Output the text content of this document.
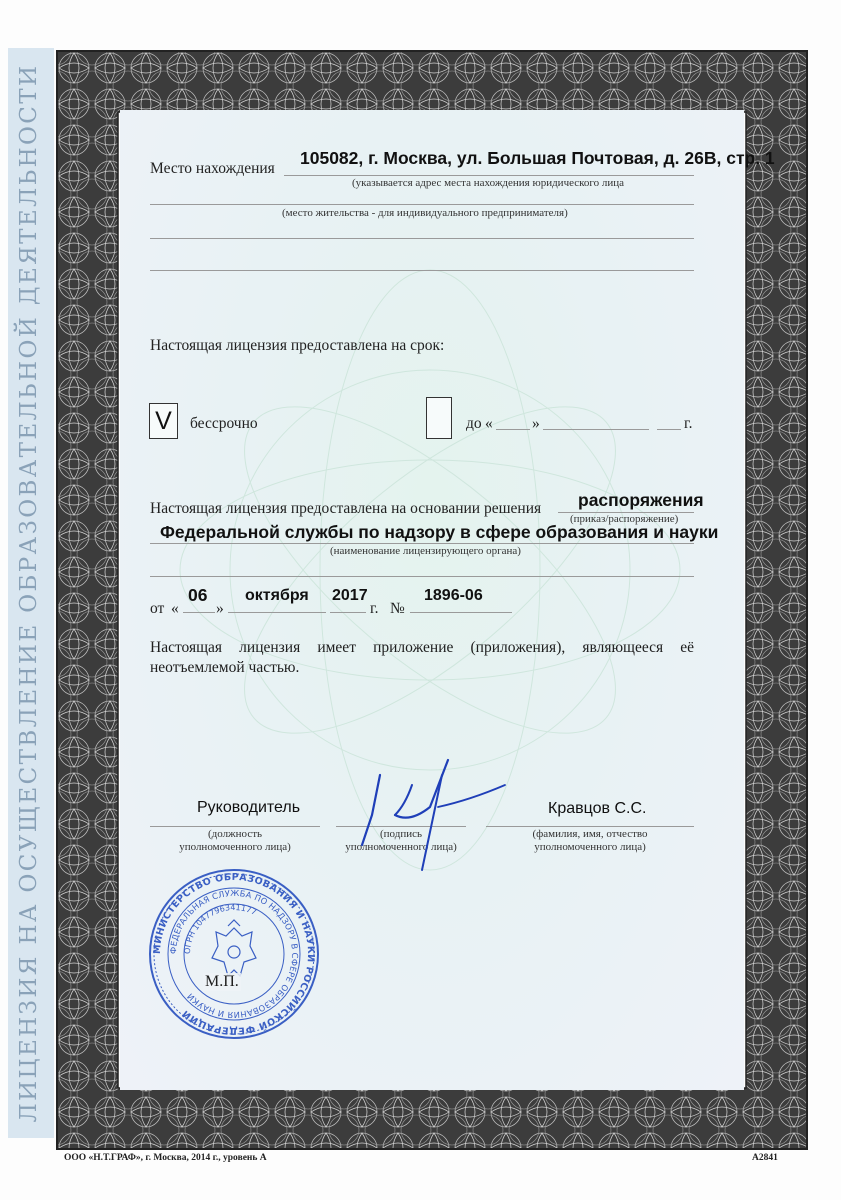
ЛИЦЕНЗИЯ НА ОСУЩЕСТВЛЕНИЕ ОБРАЗОВАТЕЛЬНОЙ ДЕЯТЕЛЬНОСТИ	Место нахождения
105082, г. Москва, ул. Большая Почтовая, д. 26В, стр. 1
(указывается адрес места нахождения юридического лица
(место жительства - для индивидуального предпринимателя)
Настоящая лицензия предоставлена на срок:
V	бессрочно	до «	»	г.
Настоящая лицензия предоставлена на основании решения распоряжения
(приказ/распоряжение)
Федеральной службы по надзору в сфере образования и науки
(наименование лицензирующего органа)
от «
06
»
октября 2017
г. №
1896-06
Настоящая лицензия имеет приложение (приложения), являющееся её неотъемлемой частью.
Руководитель
(должность
уполномоченного лица)
(подпись
уполномоченного лица)
Кравцов С.С.
(фамилия, имя, отчество
уполномоченного лица)
МИНИСТЕРСТВО ОБРАЗОВАНИЯ И НАУКИ РОССИЙСКОЙ ФЕДЕРАЦИИ
ФЕДЕРАЛЬНАЯ СЛУЖБА ПО НАДЗОРУ В СФЕРЕ ОБРАЗОВАНИЯ И НАУКИ
ОГРН 1047796341177
М.П.
ООО «Н.Т.ГРАФ», г. Москва, 2014 г., уровень А	А2841
